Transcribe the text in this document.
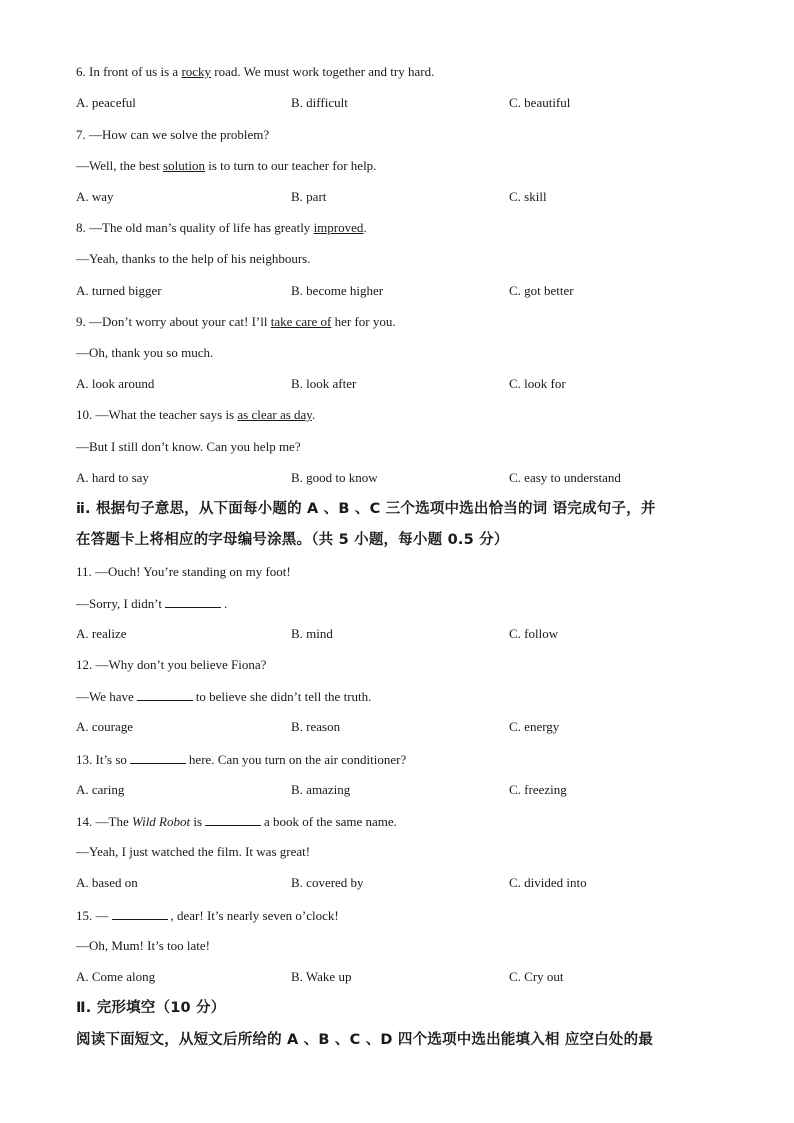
6. In front of us is a rocky road. We must work together and try hard.
A. peaceful	B. difficult	C. beautiful
7. —How can we solve the problem?
—Well, the best solution is to turn to our teacher for help.
A. way	B. part	C. skill
8. —The old man’s quality of life has greatly improved.
—Yeah, thanks to the help of his neighbours.
A. turned bigger	B. become higher	C. got better
9. —Don’t worry about your cat! I’ll take care of her for you.
—Oh, thank you so much.
A. look around	B. look after	C. look for
10. —What the teacher says is as clear as day.
—But I still don’t know. Can you help me?
A. hard to say	B. good to know	C. easy to understand
ⅱ. 根据句子意思，从下面每小题的 A 、B 、C 三个选项中选出恰当的词 语完成句子，并
在答题卡上将相应的字母编号涂黑。（共 5 小题，每小题 0.5 分）
11. —Ouch! You’re standing on my foot!
—Sorry, I didn’t	.
A. realize	B. mind	C. follow
12. —Why don’t you believe Fiona?
—We have	to believe she didn’t tell the truth.
A. courage	B. reason	C. energy
13. It’s so	here. Can you turn on the air conditioner?
A. caring	B. amazing	C. freezing
14. —The Wild Robot is	a book of the same name.
—Yeah, I just watched the film. It was great!
A. based on	B. covered by	C. divided into
15. —	, dear! It’s nearly seven o’clock!
—Oh, Mum! It’s too late!
A. Come along	B. Wake up	C. Cry out
Ⅱ. 完形填空（10 分）
阅读下面短文，从短文后所给的 A 、B 、C 、D 四个选项中选出能填入相 应空白处的最
